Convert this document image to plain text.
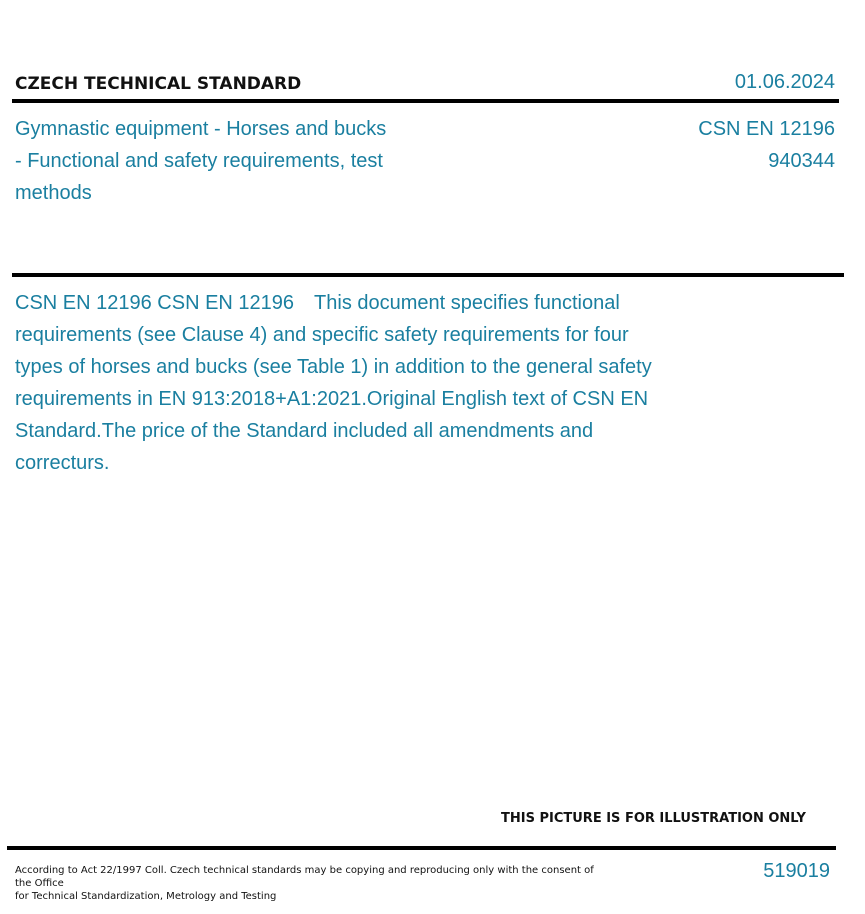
CZECH TECHNICAL STANDARD	01.06.2024
Gymnastic equipment - Horses and bucks - Functional and safety requirements, test methods
CSN EN 12196
940344
CSN EN 12196 CSN EN 12196 This document specifies functional requirements (see Clause 4) and specific safety requirements for four types of horses and bucks (see Table 1) in addition to the general safety requirements in EN 913:2018+A1:2021.Original English text of CSN EN Standard.The price of the Standard included all amendments and correcturs.
THIS PICTURE IS FOR ILLUSTRATION ONLY
According to Act 22/1997 Coll. Czech technical standards may be copying and reproducing only with the consent of the Office
for Technical Standardization, Metrology and Testing
519019
